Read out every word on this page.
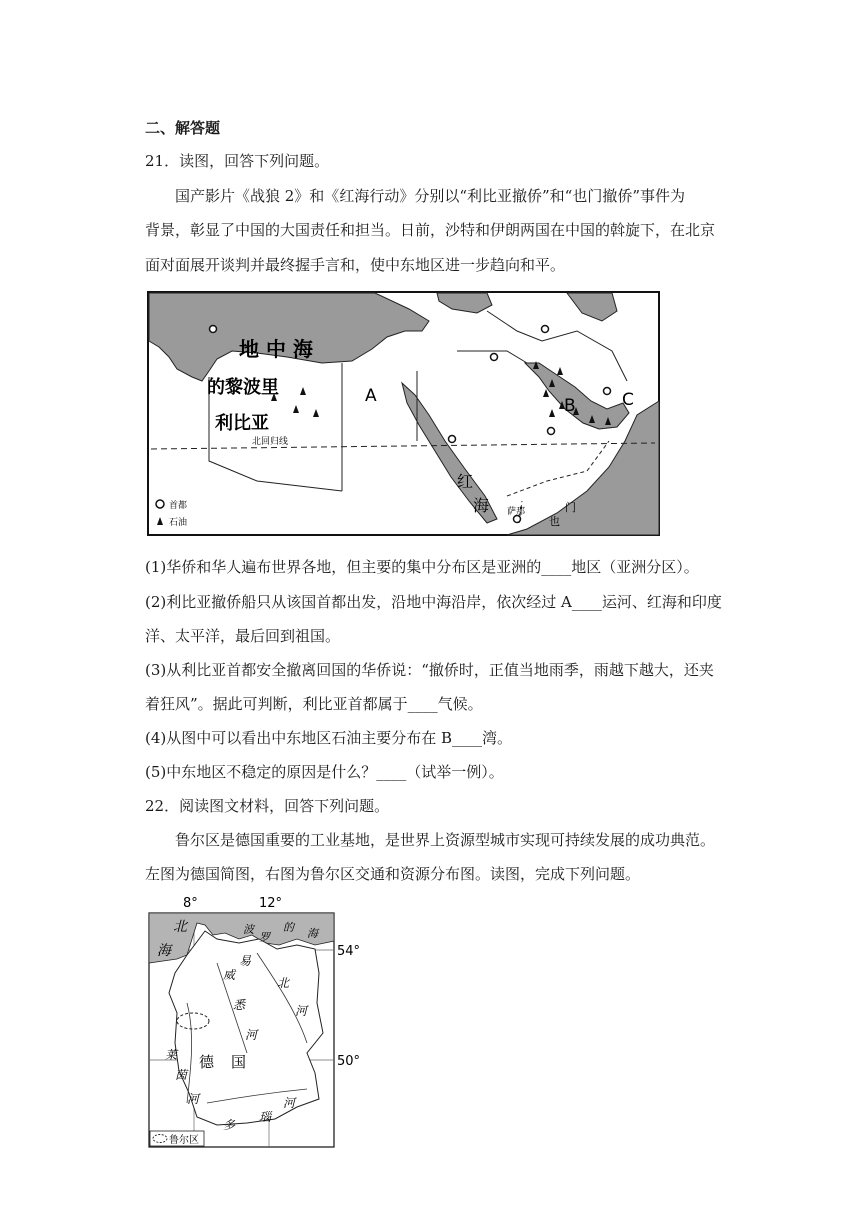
二、解答题
21．读图，回答下列问题。
国产影片《战狼 2》和《红海行动》分别以“利比亚撤侨”和“也门撤侨”事件为
背景，彰显了中国的大国责任和担当。日前，沙特和伊朗两国在中国的斡旋下，在北京
面对面展开谈判并最终握手言和，使中东地区进一步趋向和平。
地 中 海
的黎波里
利比亚
北回归线
A	B	C
红
海 萨那	门
也
首都
石油
(1)华侨和华人遍布世界各地，但主要的集中分布区是亚洲的____地区（亚洲分区）。
(2)利比亚撤侨船只从该国首都出发，沿地中海沿岸，依次经过 A____运河、红海和印度
洋、太平洋，最后回到祖国。
(3)从利比亚首都安全撤离回国的华侨说：“撤侨时，正值当地雨季，雨越下越大，还夹
着狂风”。据此可判断，利比亚首都属于____气候。
(4)从图中可以看出中东地区石油主要分布在 B____湾。
(5)中东地区不稳定的原因是什么？____（试举一例）。
22．阅读图文材料，回答下列问题。
鲁尔区是德国重要的工业基地，是世界上资源型城市实现可持续发展的成功典范。
左图为德国简图，右图为鲁尔区交通和资源分布图。读图，完成下列问题。
8°	12°
54°
50°
北
海
波
罗
的 海
易
北
河
威
悉
河
莱
茵
河
德 国
多
瑙
河
鲁尔区
